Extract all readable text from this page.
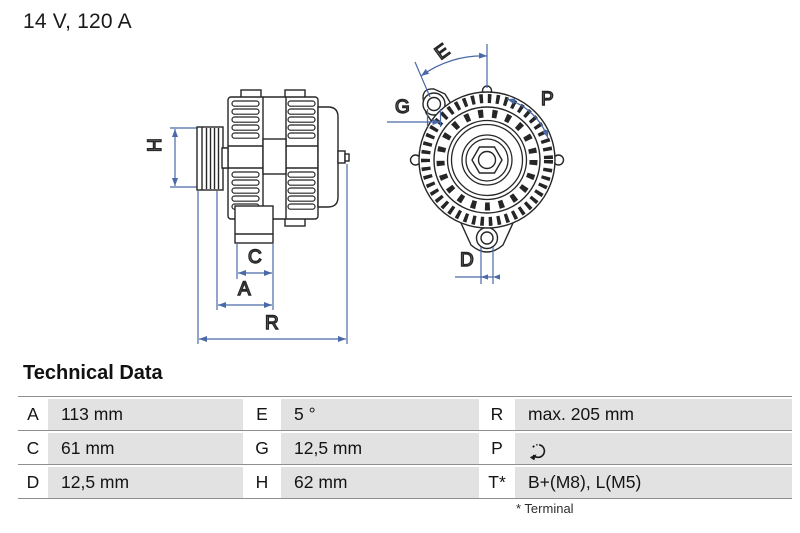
14 V, 120 A
H
C
A
R
E
G	P
D
Technical Data
A	113 mm	E	5 °	R	max. 205 mm
C	61 mm	G	12,5 mm	P
D	12,5 mm	H	62 mm	T*	B+(M8), L(M5)
* Terminal
